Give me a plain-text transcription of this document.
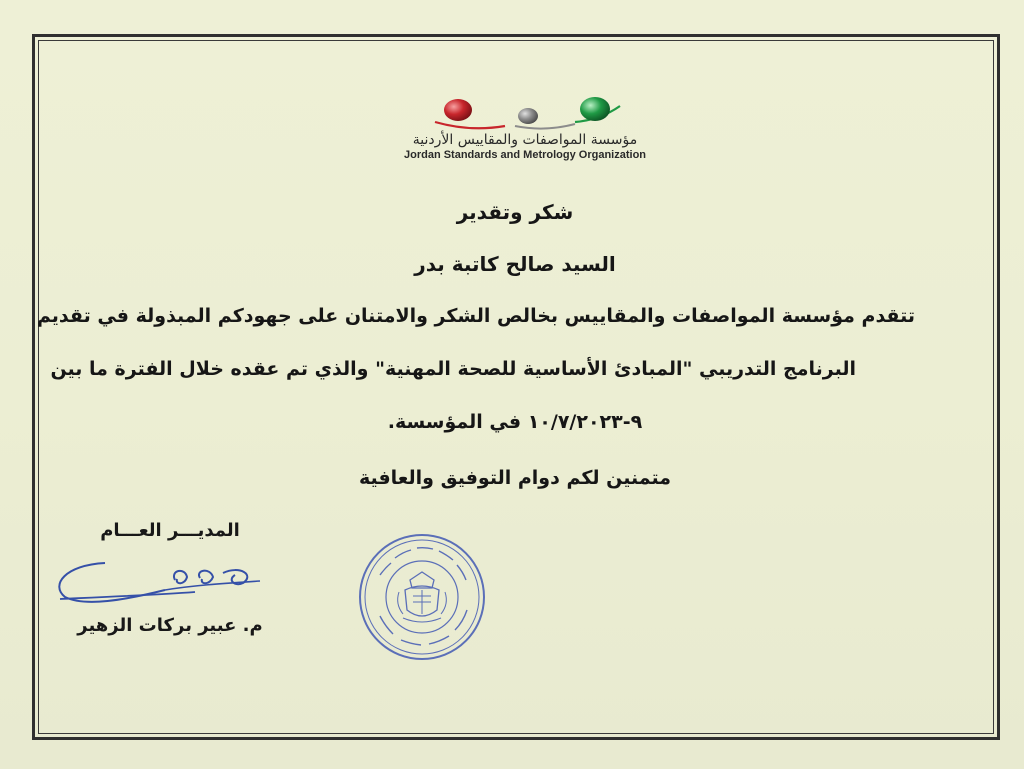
مؤسسة المواصفات والمقاييس الأردنية
Jordan Standards and Metrology Organization
شكر وتقدير
السيد صالح كاتبة بدر
تتقدم مؤسسة المواصفات والمقاييس بخالص الشكر والامتنان على جهودكم المبذولة في تقديم
البرنامج التدريبي "المبادئ الأساسية للصحة المهنية" والذي تم عقده خلال الفترة ما بين
٩-١٠/٧/٢٠٢٣ في المؤسسة.
متمنين لكم دوام التوفيق والعافية
المديـــر العـــام
م. عبير بركات الزهير
